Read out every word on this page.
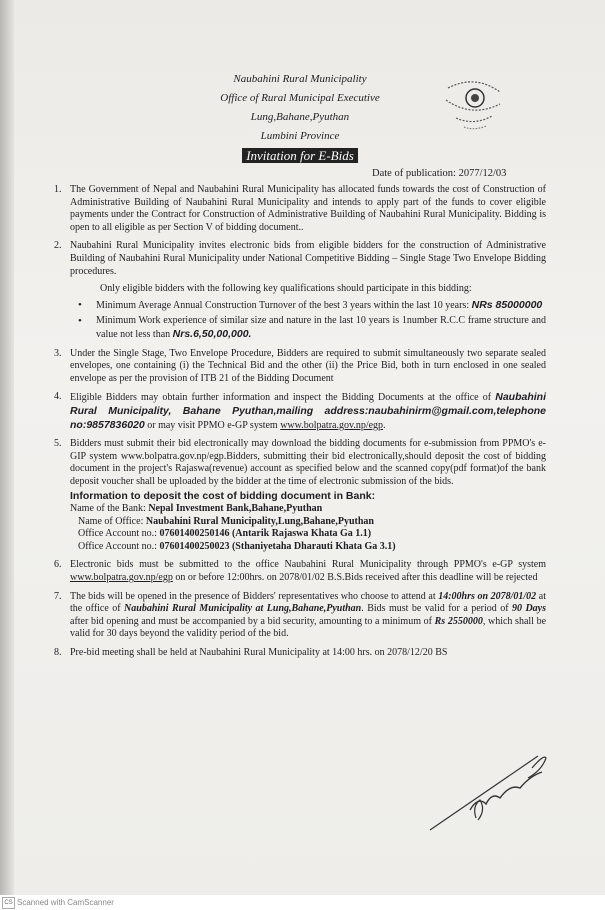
Naubahini Rural Municipality
Office of Rural Municipal Executive
Lung,Bahane,Pyuthan
Lumbini Province
Invitation for E-Bids
Date of publication: 2077/12/03
1. The Government of Nepal and Naubahini Rural Municipality has allocated funds towards the cost of Construction of Administrative Building of Naubahini Rural Municipality and intends to apply part of the funds to cover eligible payments under the Contract for Construction of Administrative Building of Naubahini Rural Municipality. Bidding is open to all eligible as per Section V of bidding document..
2. Naubahini Rural Municipality invites electronic bids from eligible bidders for the construction of Administrative Building of Naubahini Rural Municipality under National Competitive Bidding – Single Stage Two Envelope Bidding procedures.
Only eligible bidders with the following key qualifications should participate in this bidding:
• Minimum Average Annual Construction Turnover of the best 3 years within the last 10 years: NRs 85000000
• Minimum Work experience of similar size and nature in the last 10 years is 1number R.C.C frame structure and value not less than Nrs.6,50,00,000.
3. Under the Single Stage, Two Envelope Procedure, Bidders are required to submit simultaneously two separate sealed envelopes, one containing (i) the Technical Bid and the other (ii) the Price Bid, both in turn enclosed in one sealed envelope as per the provision of ITB 21 of the Bidding Document
4. Eligible Bidders may obtain further information and inspect the Bidding Documents at the office of Naubahini Rural Municipality, Bahane Pyuthan,mailing address:naubahinirm@gmail.com,telephone no:9857836020 or may visit PPMO e-GP system www.bolpatra.gov.np/egp.
5. Bidders must submit their bid electronically may download the bidding documents for e-submission from PPMO's e-GIP system www.bolpatra.gov.np/egp.Bidders, submitting their bid electronically,should deposit the cost of bidding document in the project's Rajaswa(revenue) account as specified below and the scanned copy(pdf format)of the bank deposit voucher shall be uploaded by the bidder at the time of electronic submission of the bids.
Information to deposit the cost of bidding document in Bank:
Name of the Bank: Nepal Investment Bank,Bahane,Pyuthan
Name of Office: Naubahini Rural Municipality,Lung,Bahane,Pyuthan
Office Account no.: 07601400250146 (Antarik Rajaswa Khata Ga 1.1)
Office Account no.: 07601400250023 (Sthaniyetaha Dharauti Khata Ga 3.1)
6. Electronic bids must be submitted to the office Naubahini Rural Municipality through PPMO's e-GP system www.bolpatra.gov.np/egp on or before 12:00hrs. on 2078/01/02 B.S.Bids received after this deadline will be rejected
7. The bids will be opened in the presence of Bidders' representatives who choose to attend at 14:00hrs on 2078/01/02 at the office of Naubahini Rural Municipality at Lung,Bahane,Pyuthan. Bids must be valid for a period of 90 Days after bid opening and must be accompanied by a bid security, amounting to a minimum of Rs 2550000, which shall be valid for 30 days beyond the validity period of the bid.
8. Pre-bid meeting shall be held at Naubahini Rural Municipality at 14:00 hrs. on 2078/12/20 BS
CS Scanned with CamScanner
